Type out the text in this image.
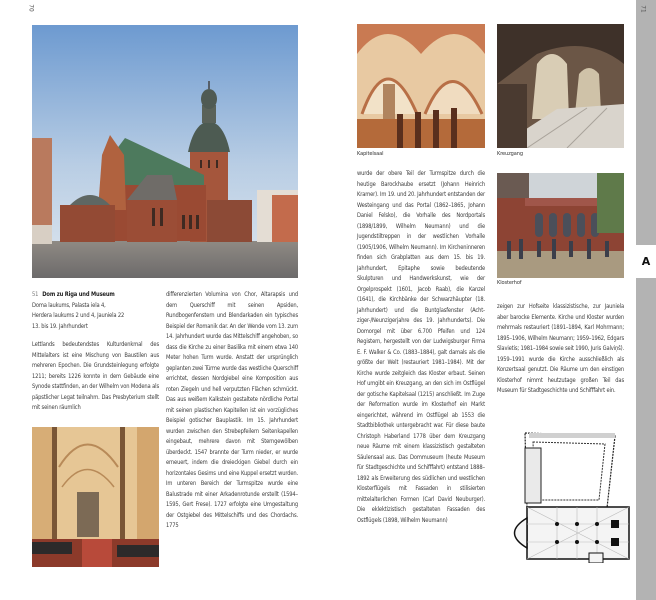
70
51 Dom zu Riga und Museum
Doma laukums, Palasta iela 4,
Herdera laukums 2 und 4, Jauniela 22
13. bis 19. Jahrhundert

Lettlands bedeutendstes Kulturdenkmal des Mittelalters ist eine Mischung von Baustilen aus mehreren Epochen. Die Grundsteinlegung erfolgte 1211; bereits 1226 konnte in dem Gebäude eine Synode stattfinden, an der Wilhelm von Modena als päpstlicher Legat teilnahm. Das Presbyterium stellt mit seinen räumlich

differenzierten Volumina von Chor, Altarapsis und dem Querschiff mit seinen Apsiden, Rundbogenfenstern und Blendarkaden ein typisches Beispiel der Romanik dar. An der Wende vom 13. zum 14. Jahrhundert wurde das Mittelschiff angehoben, so dass die Kirche zu einer Basilika mit einem etwa 140 Meter hohen Turm wurde. Anstatt der ursprünglich geplanten zwei Türme wurde das westliche Querschiff errichtet, dessen Nordgiebel eine Komposition aus roten Ziegeln und hell verputzten Flächen schmückt. Das aus weißem Kalkstein gestaltete nördliche Portal mit seinen plastischen Kapitellen ist ein vorzügliches Beispiel gotischer Bauplastik. Im 15. Jahrhundert wurden zwischen den Strebepfeilern Seitenkapellen eingebaut, mehrere davon mit Sterngewölben überdeckt. 1547 brannte der Turm nieder, er wurde erneuert, indem die dreieckigen Giebel durch ein horizontales Gesims und eine Kuppel ersetzt wurden. Im unteren Bereich der Turmspitze wurde eine Balustrade mit einer Arkadenrotunde erstellt (1594–1595, Gert Frese). 1727 erfolgte eine Umgestaltung der Ostgiebel des Mittelschiffs und des Chordachs. 1775

A
71
Kapitelsaal	Kreuzgang

wurde der obere Teil der Turmspitze durch die heutige Barockhaube ersetzt (Johann Heinrich Kramer). Im 19. und 20. Jahrhundert entstanden der Westeingang und das Portal (1862–1865, Johann Daniel Felsko), die Vorhalle des Nordportals (1898/1899, Wilhelm Neumann) und die Jugendstiltreppen in der westlichen Vorhalle (1905/1906, Wilhelm Neumann). Im Kircheninneren finden sich Grabplatten aus dem 15. bis 19. Jahrhundert, Epitaphe sowie bedeutende Skulpturen und Handwerkskunst, wie der Orgelprospekt (1601, Jacob Raab), die Kanzel (1641), die Kirchbänke der Schwarzhäupter (18. Jahrhundert) und die Buntglasfenster (Achtziger-/Neunzigerjahre des 19. Jahrhunderts). Die Domorgel mit über 6.700 Pfeifen und 124 Registern, hergestellt von der Ludwigsburger Firma E. F. Walker & Co. (1883–1884), galt damals als die größte der Welt (restauriert 1981–1984). Mit der Kirche wurde zeitgleich das Kloster erbaut. Seinen Hof umgibt ein Kreuzgang, an den sich im Ostflügel der gotische Kapitelsaal (1215) anschließt. Im Zuge der Reformation wurde im Klosterhof ein Markt eingerichtet, während im Ostflügel ab 1553 die Stadtbibliothek untergebracht war. Für diese baute Christoph Haberland 1778 über dem Kreuzgang neue Räume mit einem klassizistisch gestalteten Säulensaal aus. Das Dommuseum (heute Museum für Stadtgeschichte und Schifffahrt) entstand 1888–1892 als Erweiterung des südlichen und westlichen Klosterflügels mit Fassaden in stilisierten mittelalterlichen Formen (Carl David Neuburger). Die eklektizistisch gestalteten Fassaden des Ostflügels (1898, Wilhelm Neumann)

Klosterhof

zeigen zur Hofseite klassizistische, zur Jauniela aber barocke Elemente. Kirche und Kloster wurden mehrmals restauriert (1891–1894, Karl Mohrmann; 1895–1906, Wilhelm Neumann; 1959–1962, Edgars Slavietis; 1981–1984 sowie seit 1990, Juris Galviņš). 1959–1991 wurde die Kirche ausschließlich als Konzertsaal genutzt. Die Räume um den einstigen Klosterhof nimmt heutzutage großen Teil das Museum für Stadtgeschichte und Schifffahrt ein.
